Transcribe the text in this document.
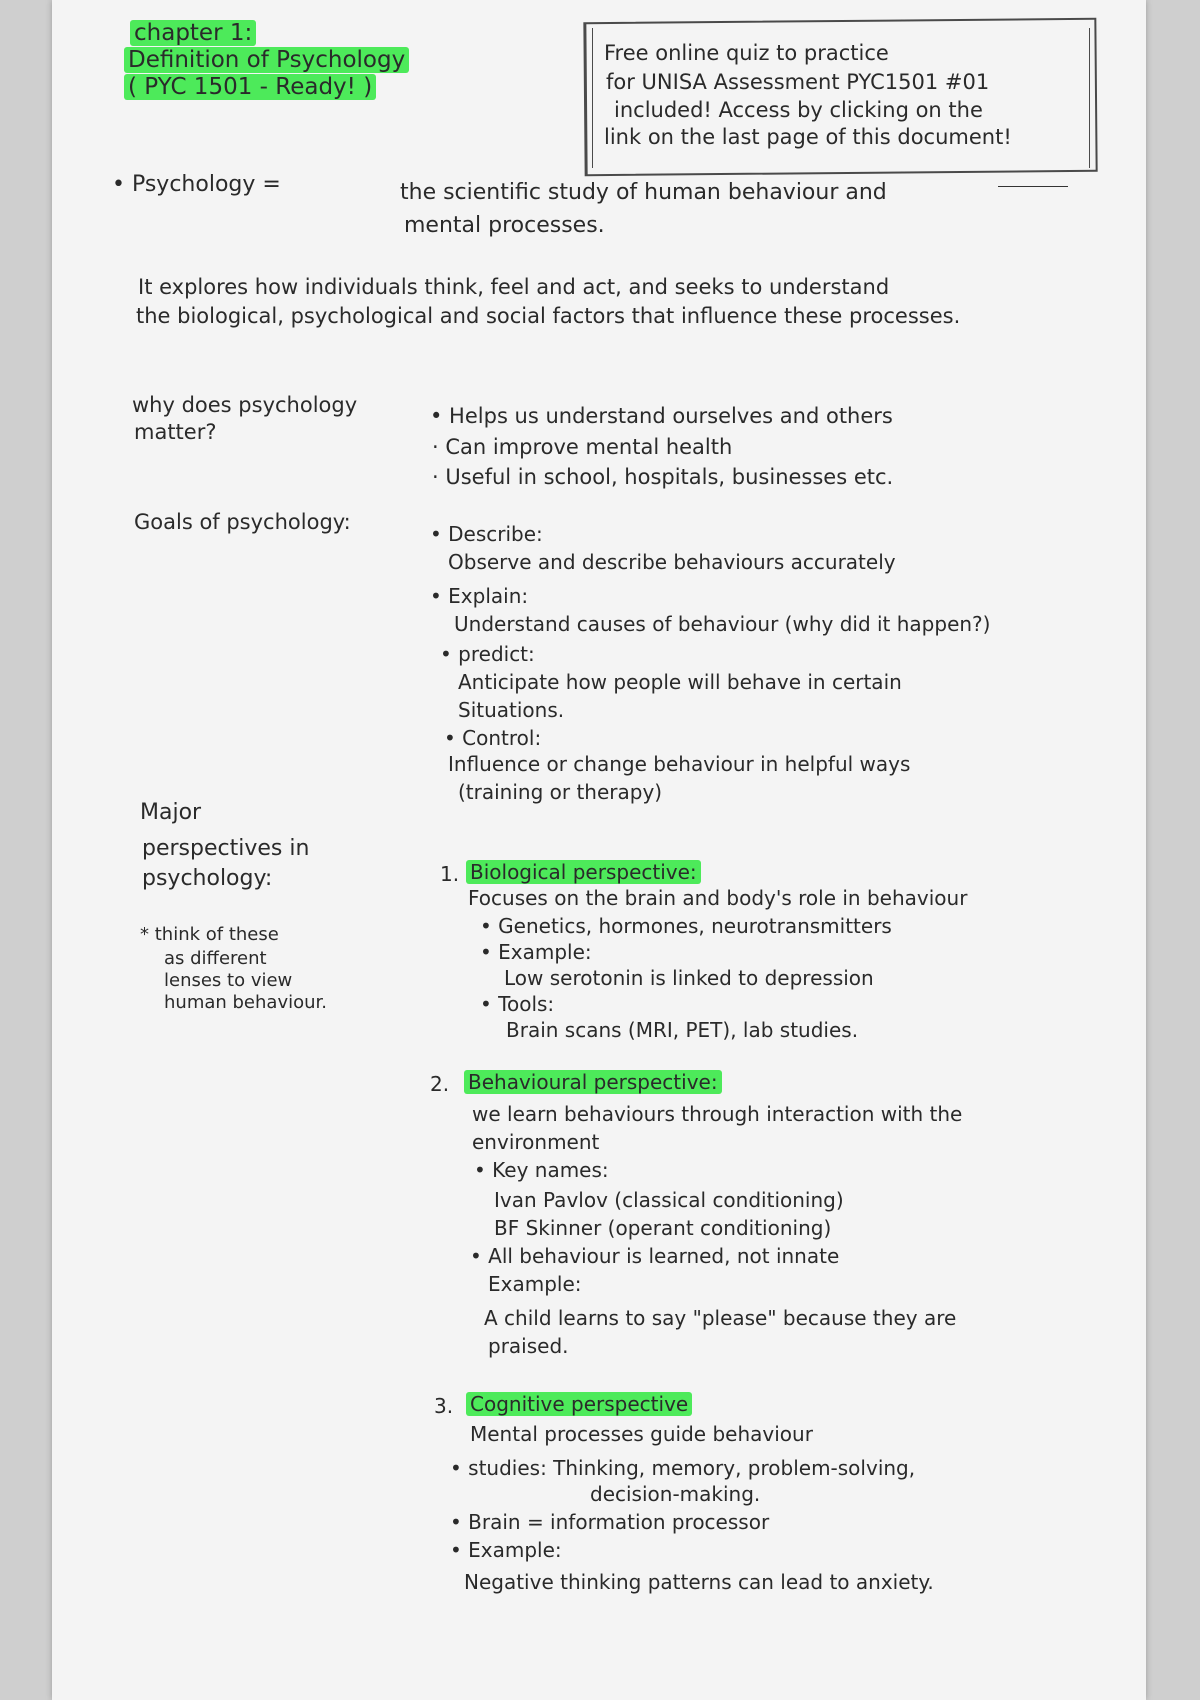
chapter 1:
Definition of Psychology
( PYC 1501 - Ready! )
Free online quiz to practice
for UNISA Assessment PYC1501 #01
included! Access by clicking on the
link on the last page of this document!
• Psychology =	the scientific study of human behaviour and
mental processes.
It explores how individuals think, feel and act, and seeks to understand
the biological, psychological and social factors that influence these processes.
why does psychology
matter?
• Helps us understand ourselves and others
· Can improve mental health
· Useful in school, hospitals, businesses etc.
Goals of psychology:	• Describe:
Observe and describe behaviours accurately
• Explain:
Understand causes of behaviour (why did it happen?)
• predict:
Anticipate how people will behave in certain
Situations.
• Control:
Influence or change behaviour in helpful ways
(training or therapy)
Major
perspectives in
psychology:
* think of these
as different
lenses to view
human behaviour.
1. Biological perspective:
Focuses on the brain and body's role in behaviour
• Genetics, hormones, neurotransmitters
• Example:
Low serotonin is linked to depression
• Tools:
Brain scans (MRI, PET), lab studies.
2. Behavioural perspective:
we learn behaviours through interaction with the
environment
• Key names:
Ivan Pavlov (classical conditioning)
BF Skinner (operant conditioning)
• All behaviour is learned, not innate
Example:
A child learns to say "please" because they are
praised.
3. Cognitive perspective
Mental processes guide behaviour
• studies: Thinking, memory, problem-solving,
decision-making.
• Brain = information processor
• Example:
Negative thinking patterns can lead to anxiety.
